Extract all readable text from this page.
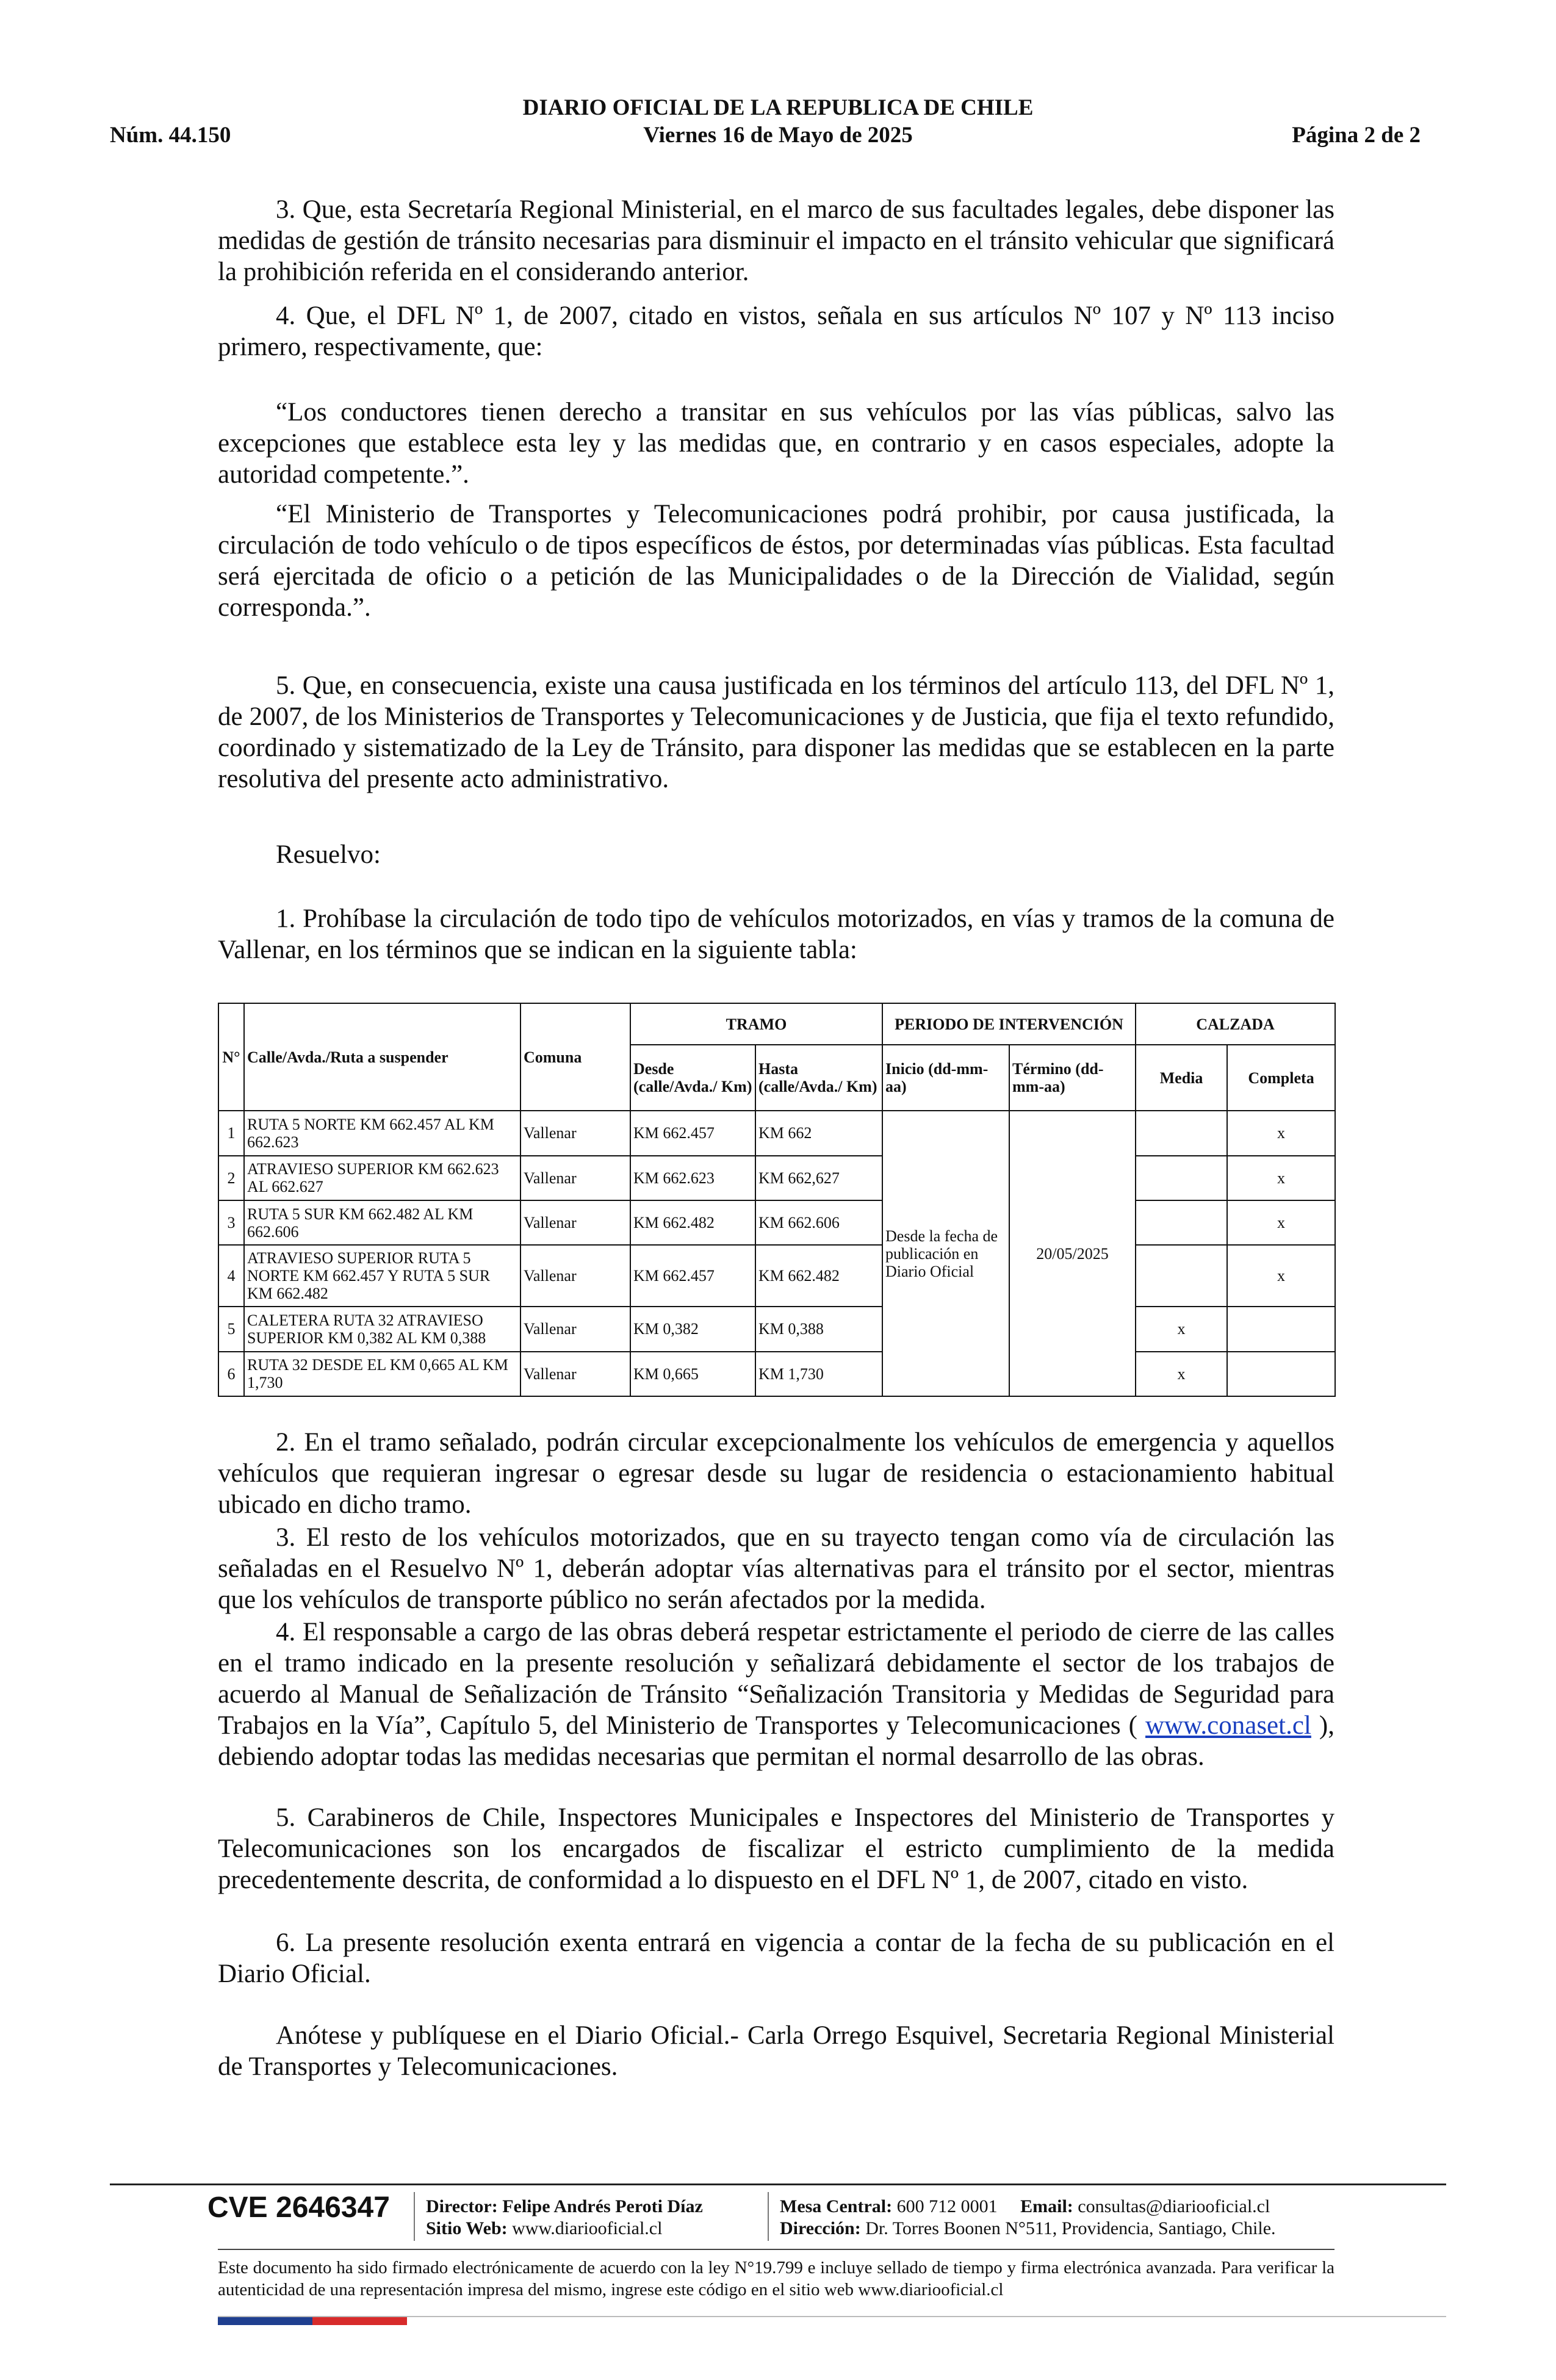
DIARIO OFICIAL DE LA REPUBLICA DE CHILE
Núm. 44.150	Viernes 16 de Mayo de 2025	Página 2 de 2

3. Que, esta Secretaría Regional Ministerial, en el marco de sus facultades legales, debe disponer las medidas de gestión de tránsito necesarias para disminuir el impacto en el tránsito vehicular que significará la prohibición referida en el considerando anterior.

4. Que, el DFL Nº 1, de 2007, citado en vistos, señala en sus artículos Nº 107 y Nº 113 inciso primero, respectivamente, que:

“Los conductores tienen derecho a transitar en sus vehículos por las vías públicas, salvo las excepciones que establece esta ley y las medidas que, en contrario y en casos especiales, adopte la autoridad competente.”.

“El Ministerio de Transportes y Telecomunicaciones podrá prohibir, por causa justificada, la circulación de todo vehículo o de tipos específicos de éstos, por determinadas vías públicas. Esta facultad será ejercitada de oficio o a petición de las Municipalidades o de la Dirección de Vialidad, según corresponda.”.

5. Que, en consecuencia, existe una causa justificada en los términos del artículo 113, del DFL Nº 1, de 2007, de los Ministerios de Transportes y Telecomunicaciones y de Justicia, que fija el texto refundido, coordinado y sistematizado de la Ley de Tránsito, para disponer las medidas que se establecen en la parte resolutiva del presente acto administrativo.

Resuelvo:

1. Prohíbase la circulación de todo tipo de vehículos motorizados, en vías y tramos de la comuna de Vallenar, en los términos que se indican en la siguiente tabla:

N°	Calle/Avda./Ruta a suspender	Comuna	TRAMO		PERIODO DE INTERVENCIÓN		CALZADA	
			Desde (calle/Avda./ Km)	Hasta (calle/Avda./ Km)	Inicio (dd-mm-aa)	Término (dd-mm-aa)	Media	Completa
1	RUTA 5 NORTE KM 662.457 AL KM 662.623	Vallenar	KM 662.457	KM 662	Desde la fecha de publicación en Diario Oficial	20/05/2025		x
2	ATRAVIESO SUPERIOR KM 662.623 AL 662.627	Vallenar	KM 662.623	KM 662,627				x
3	RUTA 5 SUR KM 662.482 AL KM 662.606	Vallenar	KM 662.482	KM 662.606				x
4	ATRAVIESO SUPERIOR RUTA 5 NORTE KM 662.457 Y RUTA 5 SUR KM 662.482	Vallenar	KM 662.457	KM 662.482				x
5	CALETERA RUTA 32 ATRAVIESO SUPERIOR KM 0,382 AL KM 0,388	Vallenar	KM 0,382	KM 0,388			x	
6	RUTA 32 DESDE EL KM 0,665 AL KM 1,730	Vallenar	KM 0,665	KM 1,730			x	

2. En el tramo señalado, podrán circular excepcionalmente los vehículos de emergencia y aquellos vehículos que requieran ingresar o egresar desde su lugar de residencia o estacionamiento habitual ubicado en dicho tramo.

3. El resto de los vehículos motorizados, que en su trayecto tengan como vía de circulación las señaladas en el Resuelvo Nº 1, deberán adoptar vías alternativas para el tránsito por el sector, mientras que los vehículos de transporte público no serán afectados por la medida.

4. El responsable a cargo de las obras deberá respetar estrictamente el periodo de cierre de las calles en el tramo indicado en la presente resolución y señalizará debidamente el sector de los trabajos de acuerdo al Manual de Señalización de Tránsito “Señalización Transitoria y Medidas de Seguridad para Trabajos en la Vía”, Capítulo 5, del Ministerio de Transportes y Telecomunicaciones ( www.conaset.cl ), debiendo adoptar todas las medidas necesarias que permitan el normal desarrollo de las obras.

5. Carabineros de Chile, Inspectores Municipales e Inspectores del Ministerio de Transportes y Telecomunicaciones son los encargados de fiscalizar el estricto cumplimiento de la medida precedentemente descrita, de conformidad a lo dispuesto en el DFL Nº 1, de 2007, citado en visto.

6. La presente resolución exenta entrará en vigencia a contar de la fecha de su publicación en el Diario Oficial.

Anótese y publíquese en el Diario Oficial.- Carla Orrego Esquivel, Secretaria Regional Ministerial de Transportes y Telecomunicaciones.

CVE 2646347 Director: Felipe Andrés Peroti Díaz
Sitio Web: www.diariooficial.cl
Mesa Central: 600 712 0001 Email: consultas@diariooficial.cl
Dirección: Dr. Torres Boonen N°511, Providencia, Santiago, Chile.
Este documento ha sido firmado electrónicamente de acuerdo con la ley N°19.799 e incluye sellado de tiempo y firma electrónica avanzada. Para verificar la autenticidad de una representación impresa del mismo, ingrese este código en el sitio web www.diariooficial.cl
